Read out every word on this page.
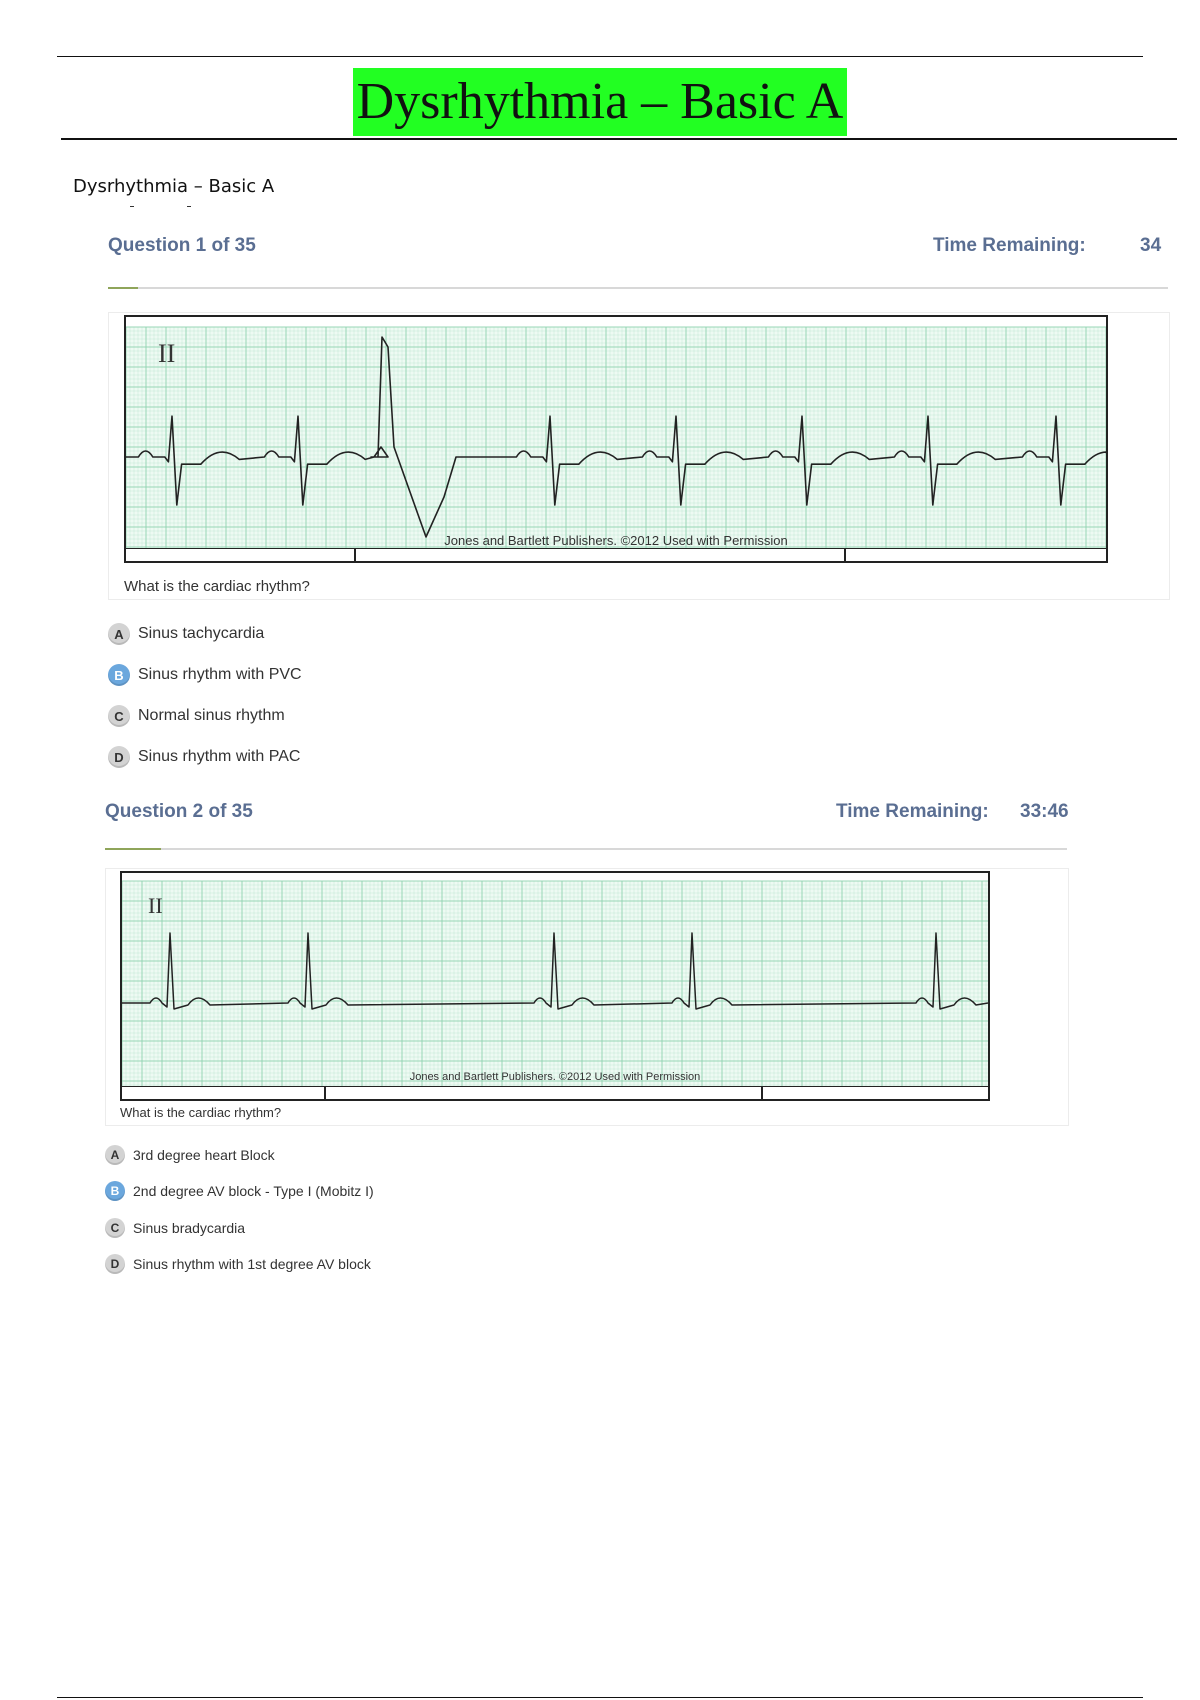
Dysrhythmia – Basic A
Dysrhythmia – Basic A
Question 1 of 35	Time Remaining:	34
II
Jones and Bartlett Publishers. ©2012 Used with Permission
What is the cardiac rhythm?
A Sinus tachycardia
B Sinus rhythm with PVC
C Normal sinus rhythm
D Sinus rhythm with PAC
Question 2 of 35	Time Remaining: 33:46
II
Jones and Bartlett Publishers. ©2012 Used with Permission
What is the cardiac rhythm?
A 3rd degree heart Block
B 2nd degree AV block - Type I (Mobitz I)
C Sinus bradycardia
D Sinus rhythm with 1st degree AV block
